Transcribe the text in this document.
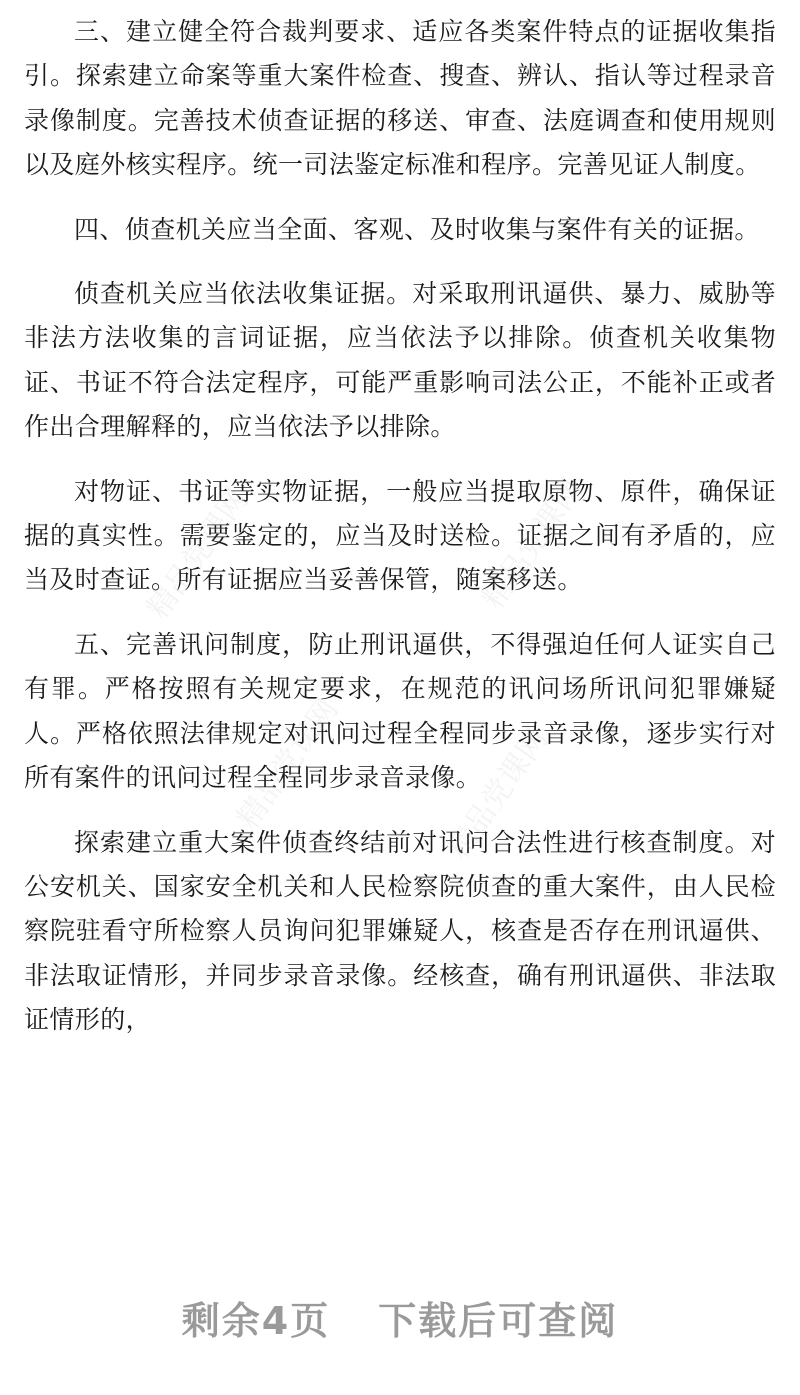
三、建立健全符合裁判要求、适应各类案件特点的证据收集指引。探索建立命案等重大案件检查、搜查、辨认、指认等过程录音录像制度。完善技术侦查证据的移送、审查、法庭调查和使用规则以及庭外核实程序。统一司法鉴定标准和程序。完善见证人制度。

四、侦查机关应当全面、客观、及时收集与案件有关的证据。

侦查机关应当依法收集证据。对采取刑讯逼供、暴力、威胁等非法方法收集的言词证据，应当依法予以排除。侦查机关收集物证、书证不符合法定程序，可能严重影响司法公正，不能补正或者作出合理解释的，应当依法予以排除。

对物证、书证等实物证据，一般应当提取原物、原件，确保证据的真实性。需要鉴定的，应当及时送检。证据之间有矛盾的，应当及时查证。所有证据应当妥善保管，随案移送。

五、完善讯问制度，防止刑讯逼供，不得强迫任何人证实自己有罪。严格按照有关规定要求，在规范的讯问场所讯问犯罪嫌疑人。严格依照法律规定对讯问过程全程同步录音录像，逐步实行对所有案件的讯问过程全程同步录音录像。

探索建立重大案件侦查终结前对讯问合法性进行核查制度。对公安机关、国家安全机关和人民检察院侦查的重大案件，由人民检察院驻看守所检察人员询问犯罪嫌疑人，核查是否存在刑讯逼供、非法取证情形，并同步录音录像。经核查，确有刑讯逼供、非法取证情形的，

精品党课网	精品党课网
精品党课网	精品党课网
剩余4页 下载后可查阅
